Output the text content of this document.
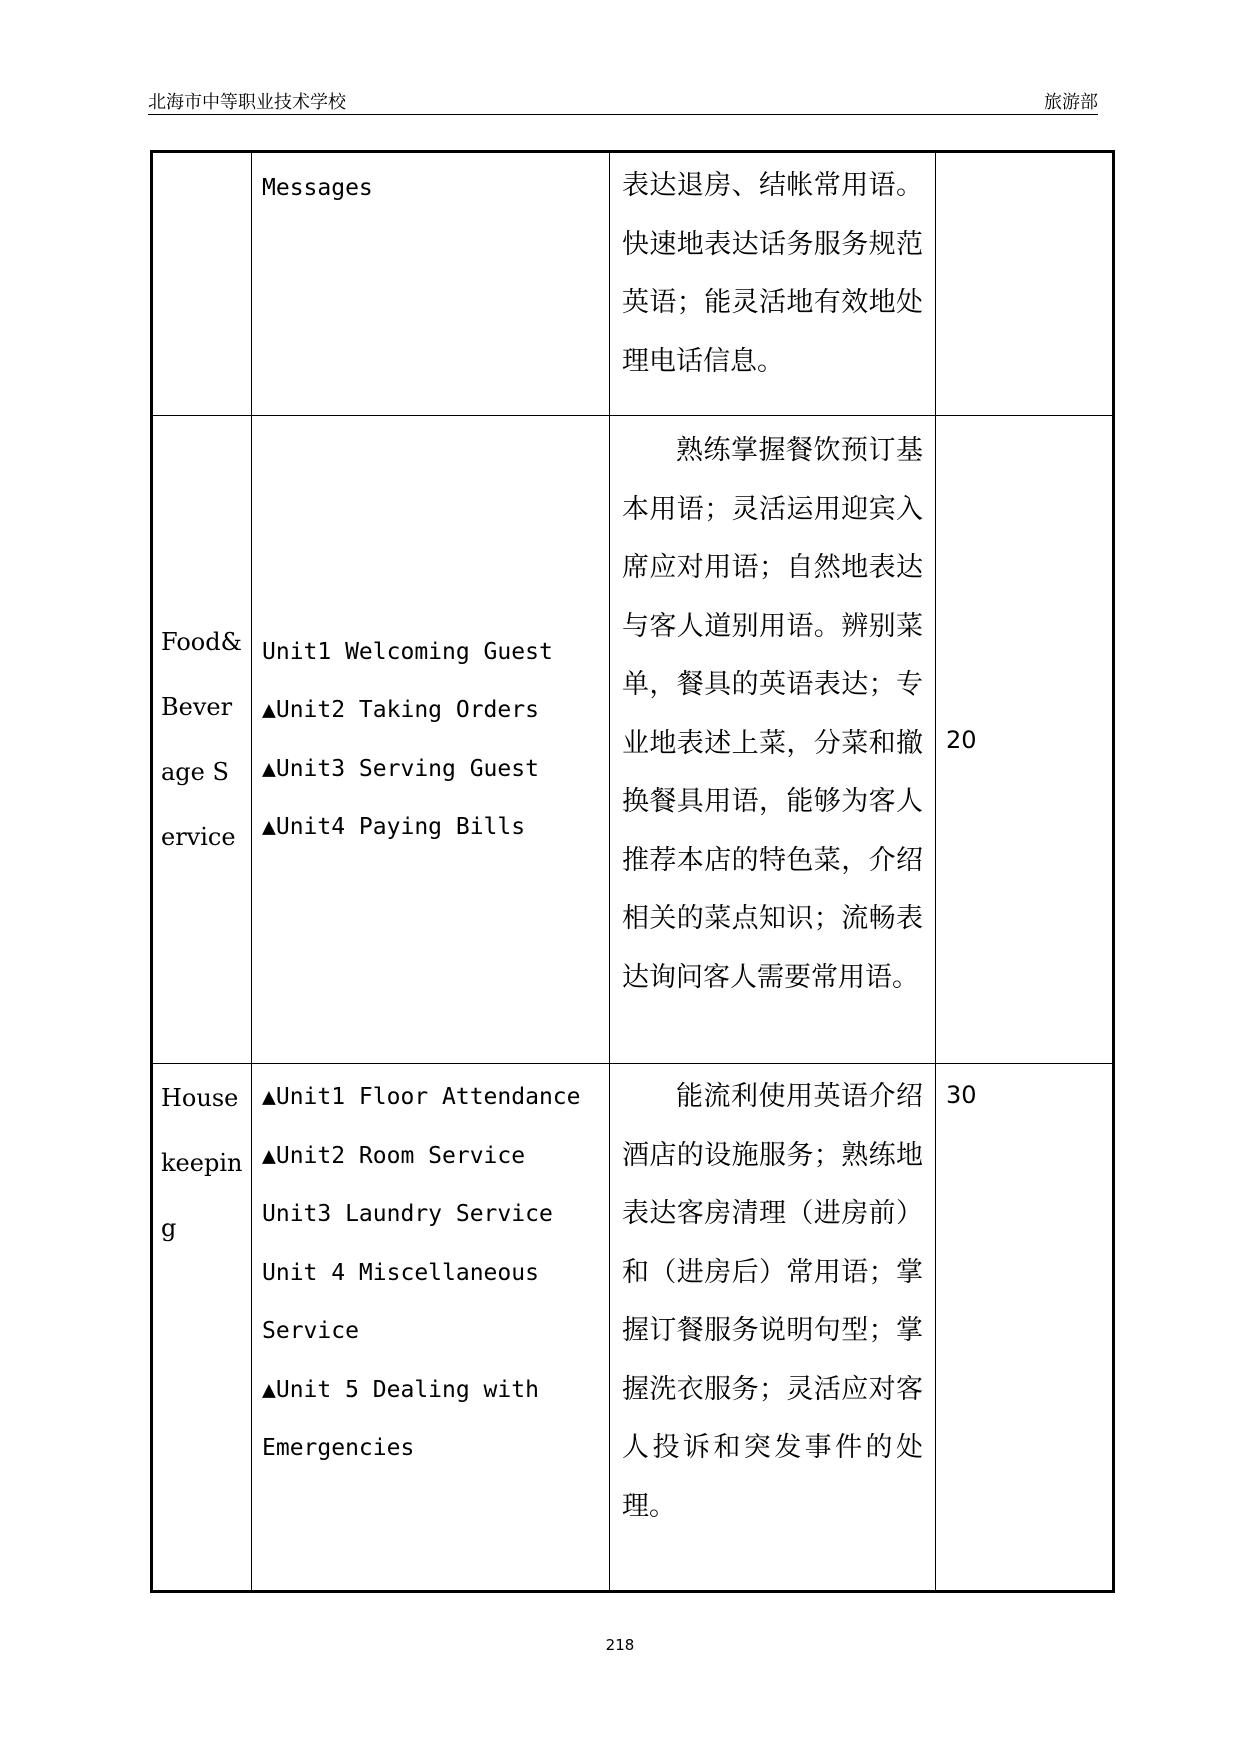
北海市中等职业技术学校	旅游部

	Messages	表达退房、结帐常用语。快速地表达话务服务规范英语；能灵活地有效地处理电话信息。	

Food&Beverage Service	Unit1 Welcoming Guest
▲Unit2 Taking Orders
▲Unit3 Serving Guest
▲Unit4 Paying Bills	熟练掌握餐饮预订基本用语；灵活运用迎宾入席应对用语；自然地表达与客人道别用语。辨别菜单，餐具的英语表达；专业地表述上菜，分菜和撤换餐具用语，能够为客人推荐本店的特色菜，介绍相关的菜点知识；流畅表达询问客人需要常用语。	20

Housekeeping	▲Unit1 Floor Attendance
▲Unit2 Room Service
Unit3 Laundry Service
Unit 4 Miscellaneous Service
▲Unit 5 Dealing with Emergencies	能流利使用英语介绍酒店的设施服务；熟练地表达客房清理（进房前）和（进房后）常用语；掌握订餐服务说明句型；掌握洗衣服务；灵活应对客人投诉和突发事件的处理。	30
218
